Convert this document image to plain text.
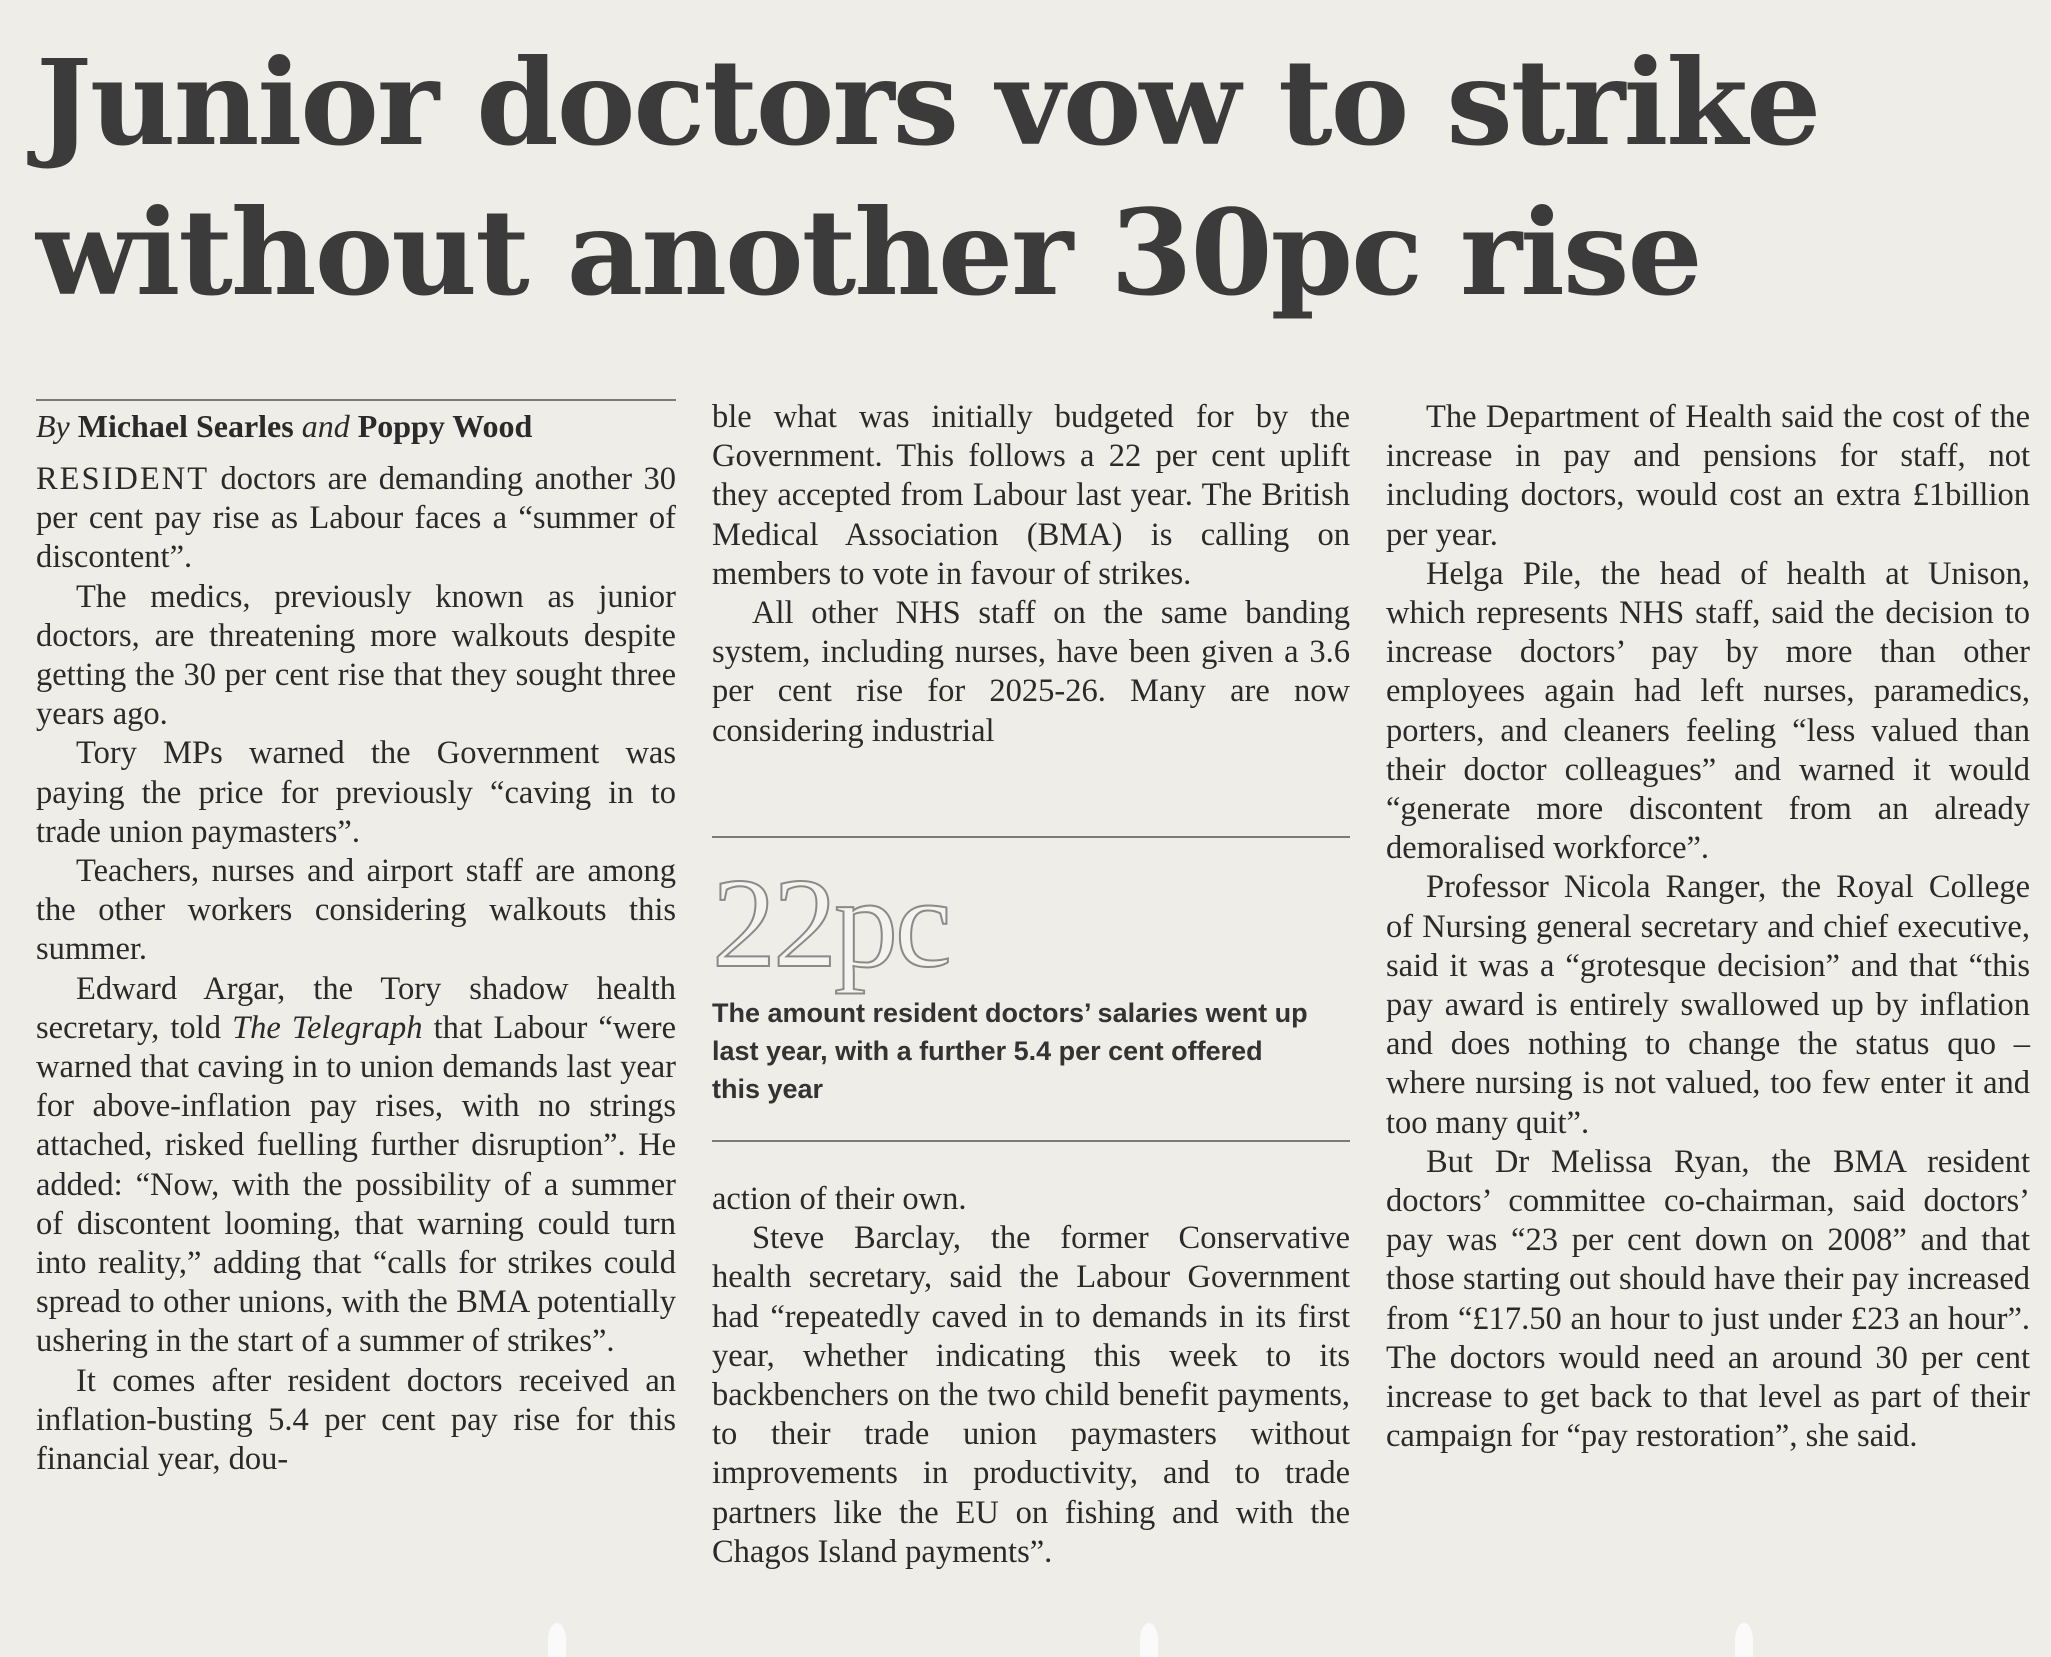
Junior doctors vow to strike
without another 30pc rise

By Michael Searles and Poppy Wood

RESIDENT doctors are demanding another 30 per cent pay rise as Labour faces a “summer of discontent”.

The medics, previously known as junior doctors, are threatening more walkouts despite getting the 30 per cent rise that they sought three years ago.

Tory MPs warned the Government was paying the price for previously “caving in to trade union paymasters”.

Teachers, nurses and airport staff are among the other workers considering walkouts this summer.

Edward Argar, the Tory shadow health secretary, told The Telegraph that Labour “were warned that caving in to union demands last year for above-inflation pay rises, with no strings attached, risked fuelling further disruption”. He added: “Now, with the possibility of a summer of discontent looming, that warning could turn into reality,” adding that “calls for strikes could spread to other unions, with the BMA potentially ushering in the start of a summer of strikes”.

It comes after resident doctors received an inflation-busting 5.4 per cent pay rise for this financial year, dou-

ble what was initially budgeted for by the Government. This follows a 22 per cent uplift they accepted from Labour last year. The British Medical Association (BMA) is calling on members to vote in favour of strikes.

All other NHS staff on the same banding system, including nurses, have been given a 3.6 per cent rise for 2025-26. Many are now considering industrial

22pc
The amount resident doctors’ salaries went up last year, with a further 5.4 per cent offered this year

action of their own.

Steve Barclay, the former Conservative health secretary, said the Labour Government had “repeatedly caved in to demands in its first year, whether indicating this week to its backbenchers on the two child benefit payments, to their trade union paymasters without improvements in productivity, and to trade partners like the EU on fishing and with the Chagos Island payments”.

The Department of Health said the cost of the increase in pay and pensions for staff, not including doctors, would cost an extra £1billion per year.

Helga Pile, the head of health at Unison, which represents NHS staff, said the decision to increase doctors’ pay by more than other employees again had left nurses, paramedics, porters, and cleaners feeling “less valued than their doctor colleagues” and warned it would “generate more discontent from an already demoralised workforce”.

Professor Nicola Ranger, the Royal College of Nursing general secretary and chief executive, said it was a “grotesque decision” and that “this pay award is entirely swallowed up by inflation and does nothing to change the status quo – where nursing is not valued, too few enter it and too many quit”.

But Dr Melissa Ryan, the BMA resident doctors’ committee co-chairman, said doctors’ pay was “23 per cent down on 2008” and that those starting out should have their pay increased from “£17.50 an hour to just under £23 an hour”. The doctors would need an around 30 per cent increase to get back to that level as part of their campaign for “pay restoration”, she said.
